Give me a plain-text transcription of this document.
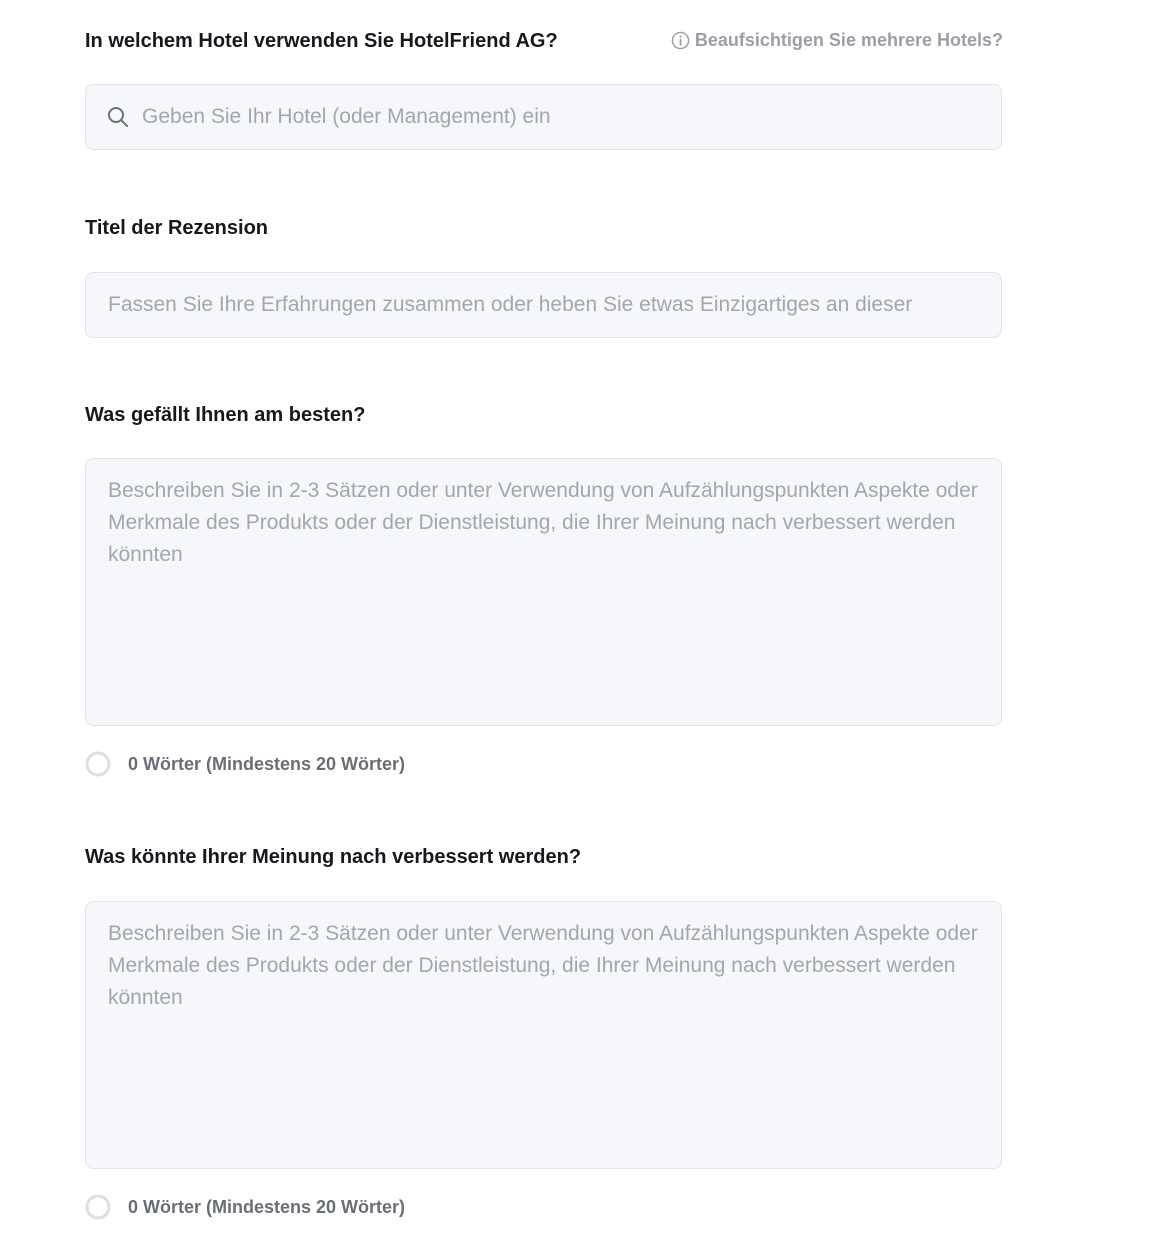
In welchem Hotel verwenden Sie HotelFriend AG?	Beaufsichtigen Sie mehrere Hotels?
Geben Sie Ihr Hotel (oder Management) ein
Titel der Rezension
Fassen Sie Ihre Erfahrungen zusammen oder heben Sie etwas Einzigartiges an dieser
Was gefällt Ihnen am besten?
Beschreiben Sie in 2-3 Sätzen oder unter Verwendung von Aufzählungspunkten Aspekte oder Merkmale des Produkts oder der Dienstleistung, die Ihrer Meinung nach verbessert werden könnten
0 Wörter (Mindestens 20 Wörter)
Was könnte Ihrer Meinung nach verbessert werden?
Beschreiben Sie in 2-3 Sätzen oder unter Verwendung von Aufzählungspunkten Aspekte oder Merkmale des Produkts oder der Dienstleistung, die Ihrer Meinung nach verbessert werden könnten
0 Wörter (Mindestens 20 Wörter)
